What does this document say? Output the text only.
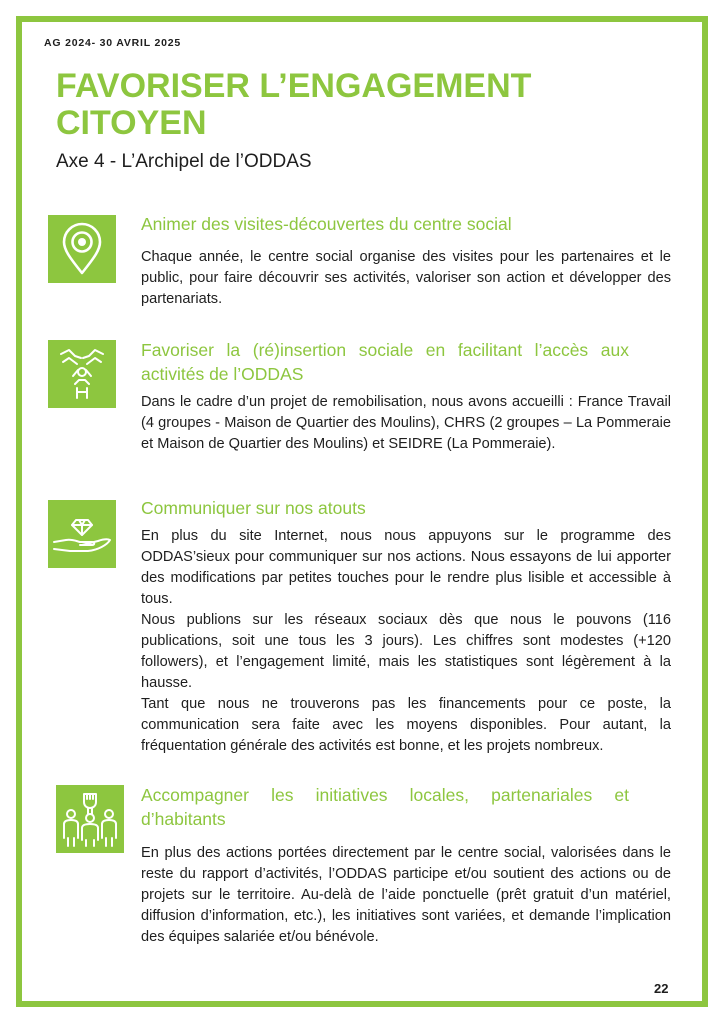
AG 2024- 30 AVRIL 2025
FAVORISER L’ENGAGEMENT CITOYEN
Axe 4 - L’Archipel de l’ODDAS
Animer des visites-découvertes du centre social

Chaque année, le centre social organise des visites pour les partenaires et le public, pour faire découvrir ses activités, valoriser son action et développer des partenariats.

Favoriser la (ré)insertion sociale en facilitant l’accès aux activités de l’ODDAS

Dans le cadre d’un projet de remobilisation, nous avons accueilli : France Travail (4 groupes - Maison de Quartier des Moulins), CHRS (2 groupes – La Pommeraie et Maison de Quartier des Moulins) et SEIDRE (La Pommeraie).

Communiquer sur nos atouts

En plus du site Internet, nous nous appuyons sur le programme des ODDAS’sieux pour communiquer sur nos actions. Nous essayons de lui apporter des modifications par petites touches pour le rendre plus lisible et accessible à tous.

Nous publions sur les réseaux sociaux dès que nous le pouvons (116 publications, soit une tous les 3 jours). Les chiffres sont modestes (+120 followers), et l’engagement limité, mais les statistiques sont légèrement à la hausse.

Tant que nous ne trouverons pas les financements pour ce poste, la communication sera faite avec les moyens disponibles. Pour autant, la fréquentation générale des activités est bonne, et les projets nombreux.

Accompagner les initiatives locales, partenariales et d’habitants

En plus des actions portées directement par le centre social, valorisées dans le reste du rapport d’activités, l’ODDAS participe et/ou soutient des actions ou de projets sur le territoire. Au-delà de l’aide ponctuelle (prêt gratuit d’un matériel, diffusion d’information, etc.), les initiatives sont variées, et demande l’implication des équipes salariée et/ou bénévole.

22
